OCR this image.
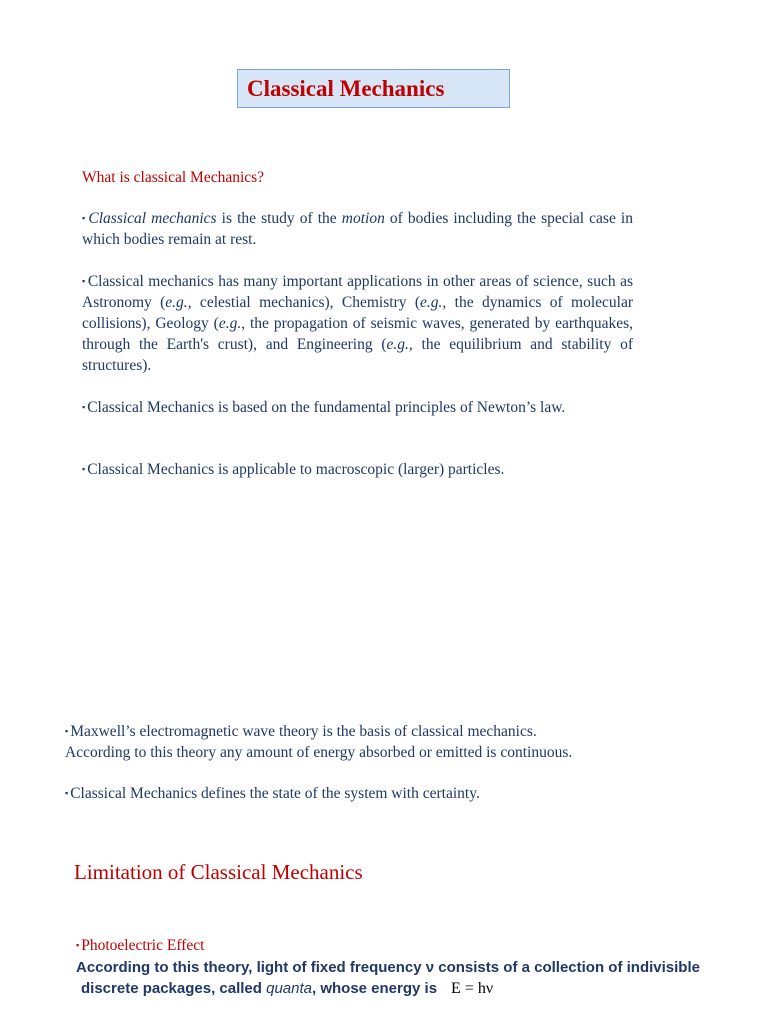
Classical Mechanics
What is classical Mechanics?
▪ Classical mechanics is the study of the motion of bodies including the special case in which bodies remain at rest.
▪ Classical mechanics has many important applications in other areas of science, such as Astronomy (e.g., celestial mechanics), Chemistry (e.g., the dynamics of molecular collisions), Geology (e.g., the propagation of seismic waves, generated by earthquakes, through the Earth's crust), and Engineering (e.g., the equilibrium and stability of structures).
▪ Classical Mechanics is based on the fundamental principles of Newton’s law.
▪ Classical Mechanics is applicable to macroscopic (larger) particles.
▪ Maxwell’s electromagnetic wave theory is the basis of classical mechanics.
According to this theory any amount of energy absorbed or emitted is continuous.
▪ Classical Mechanics defines the state of the system with certainty.
Limitation of Classical Mechanics
▪ Photoelectric Effect
According to this theory, light of fixed frequency ν consists of a collection of indivisible
discrete packages, called quanta, whose energy is E = hν
